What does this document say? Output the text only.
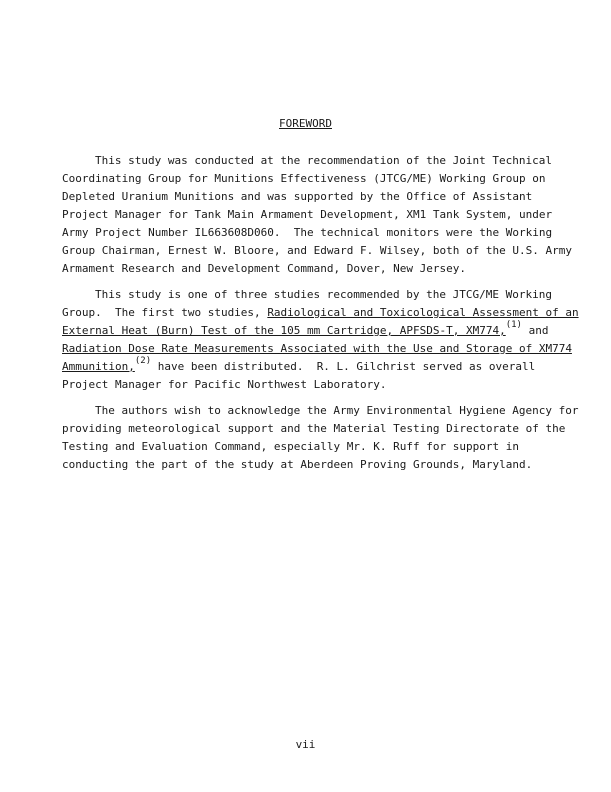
FOREWORD
This study was conducted at the recommendation of the Joint Technical
Coordinating Group for Munitions Effectiveness (JTCG/ME) Working Group on
Depleted Uranium Munitions and was supported by the Office of Assistant
Project Manager for Tank Main Armament Development, XM1 Tank System, under
Army Project Number IL663608D060.  The technical monitors were the Working
Group Chairman, Ernest W. Bloore, and Edward F. Wilsey, both of the U.S. Army
Armament Research and Development Command, Dover, New Jersey.
This study is one of three studies recommended by the JTCG/ME Working
Group.  The first two studies, Radiological and Toxicological Assessment of an
External Heat (Burn) Test of the 105 mm Cartridge, APFSDS-T, XM774,$^{(1)}$ and
Radiation Dose Rate Measurements Associated with the Use and Storage of XM774
Ammunition,$^{(2)}$ have been distributed.  R. L. Gilchrist served as overall
Project Manager for Pacific Northwest Laboratory.
The authors wish to acknowledge the Army Environmental Hygiene Agency for
providing meteorological support and the Material Testing Directorate of the
Testing and Evaluation Command, especially Mr. K. Ruff for support in
conducting the part of the study at Aberdeen Proving Grounds, Maryland.
vii
